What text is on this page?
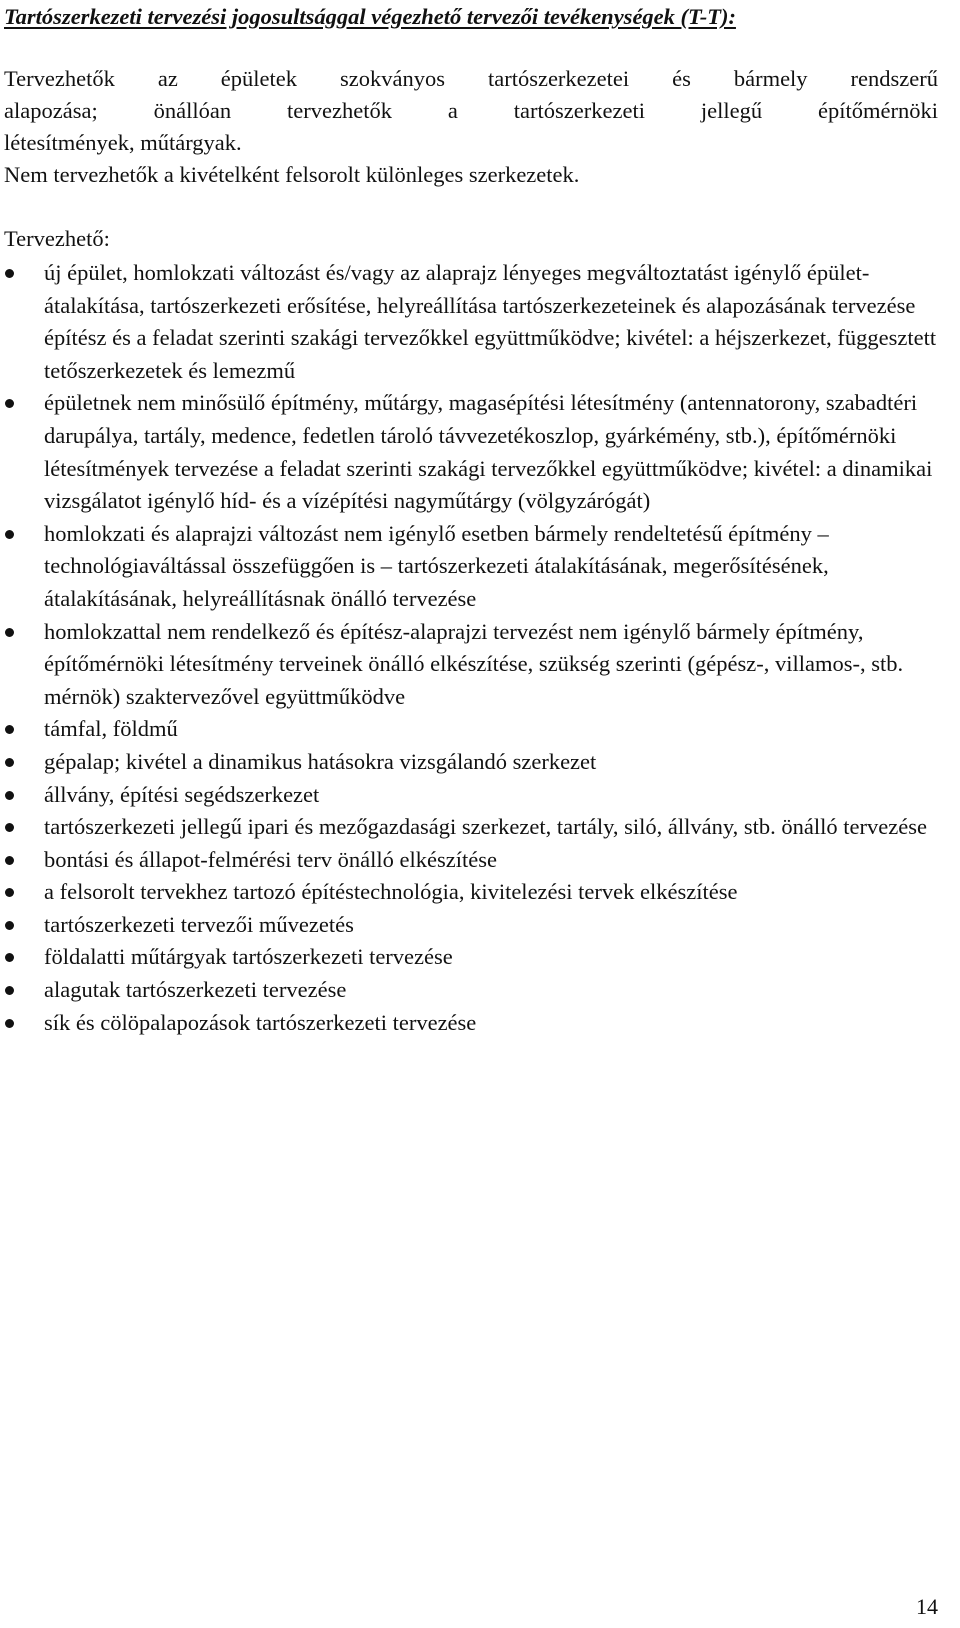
Tartószerkezeti tervezési jogosultsággal végezhető tervezői tevékenységek (T-T):
Tervezhetők az épületek szokványos tartószerkezetei és bármely rendszerű
alapozása; önállóan tervezhetők a tartószerkezeti jellegű építőmérnöki
létesítmények, műtárgyak.
Nem tervezhetők a kivételként felsorolt különleges szerkezetek.
Tervezhető:
új épület, homlokzati változást és/vagy az alaprajz lényeges megváltoztatást igénylő épület-átalakítása, tartószerkezeti erősítése, helyreállítása tartószerkezeteinek és alapozásának tervezése építész és a feladat szerinti szakági tervezőkkel együttműködve; kivétel: a héjszerkezet, függesztett tetőszerkezetek és lemezmű
épületnek nem minősülő építmény, műtárgy, magasépítési létesítmény (antennatorony, szabadtéri darupálya, tartály, medence, fedetlen tároló távvezetékoszlop, gyárkémény, stb.), építőmérnöki létesítmények tervezése a feladat szerinti szakági tervezőkkel együttműködve; kivétel: a dinamikai vizsgálatot igénylő híd- és a vízépítési nagyműtárgy (völgyzárógát)
homlokzati és alaprajzi változást nem igénylő esetben bármely rendeltetésű építmény – technológiaváltással összefüggően is – tartószerkezeti átalakításának, megerősítésének, átalakításának, helyreállításnak önálló tervezése
homlokzattal nem rendelkező és építész-alaprajzi tervezést nem igénylő bármely építmény, építőmérnöki létesítmény terveinek önálló elkészítése, szükség szerinti (gépész-, villamos-, stb. mérnök) szaktervezővel együttműködve
támfal, földmű
gépalap; kivétel a dinamikus hatásokra vizsgálandó szerkezet
állvány, építési segédszerkezet
tartószerkezeti jellegű ipari és mezőgazdasági szerkezet, tartály, siló, állvány, stb. önálló tervezése
bontási és állapot-felmérési terv önálló elkészítése
a felsorolt tervekhez tartozó építéstechnológia, kivitelezési tervek elkészítése
tartószerkezeti tervezői művezetés
földalatti műtárgyak tartószerkezeti tervezése
alagutak tartószerkezeti tervezése
sík és cölöpalapozások tartószerkezeti tervezése
14
